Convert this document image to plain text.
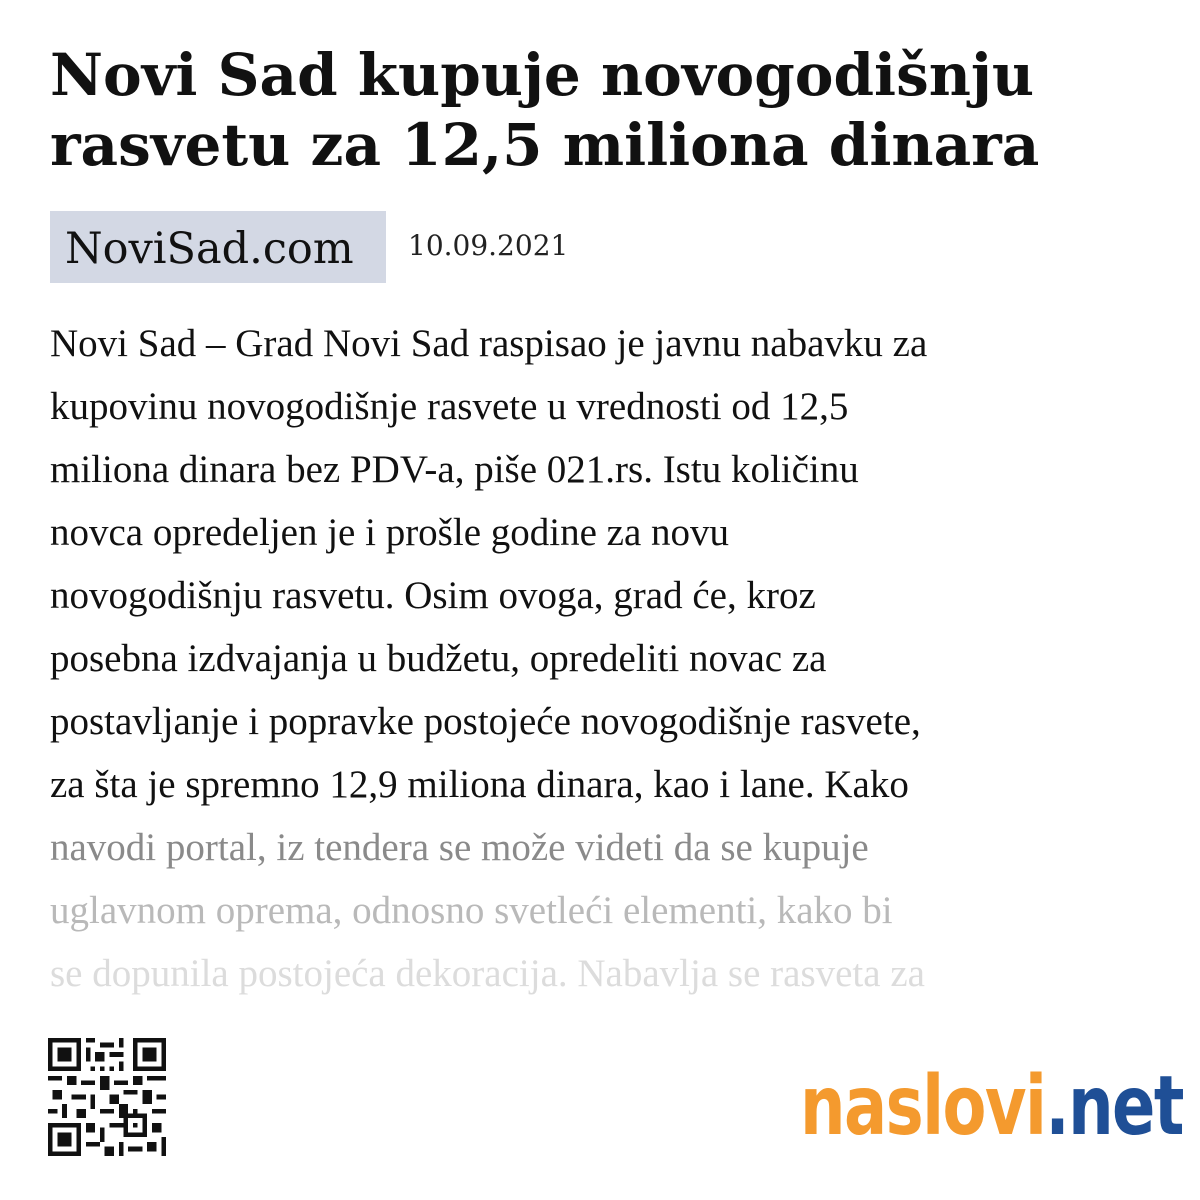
Novi Sad kupuje novogodišnju
rasvetu za 12,5 miliona dinara
NoviSad.com	10.09.2021
Novi Sad – Grad Novi Sad raspisao je javnu nabavku za
kupovinu novogodišnje rasvete u vrednosti od 12,5
miliona dinara bez PDV-a, piše 021.rs. Istu količinu
novca opredeljen je i prošle godine za novu
novogodišnju rasvetu. Osim ovoga, grad će, kroz
posebna izdvajanja u budžetu, opredeliti novac za
postavljanje i popravke postojeće novogodišnje rasvete,
za šta je spremno 12,9 miliona dinara, kao i lane. Kako
navodi portal, iz tendera se može videti da se kupuje
uglavnom oprema, odnosno svetleći elementi, kako bi
se dopunila postojeća dekoracija. Nabavlja se rasveta za
naslovi.net
